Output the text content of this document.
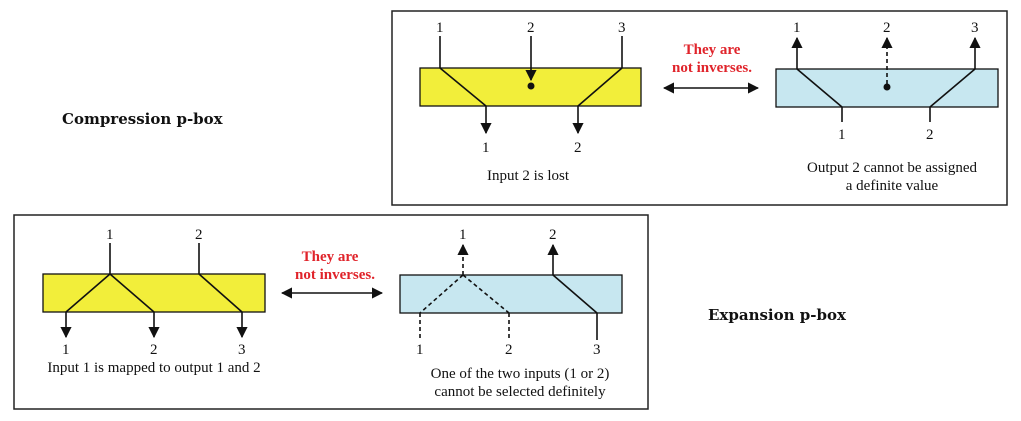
Compression p-box
Expansion p-box
1	2	3
1	2
Input 2 is lost
They are
not inverses.
1	2	3
1	2
Output 2 cannot be assigned
a definite value
1	2
1	2	3
Input 1 is mapped to output 1 and 2
They are
not inverses.
1	2
1	2	3
One of the two inputs (1 or 2)
cannot be selected definitely
